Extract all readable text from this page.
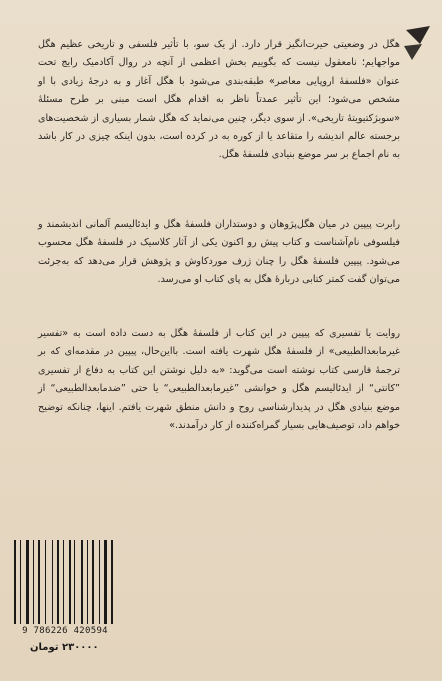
هگل در وضعیتی حیرت‌انگیز قرار دارد. از یک سو، با تأثیر فلسفی و تاریخی عظیم هگل مواجهایم؛ نامعقول نیست که بگوییم بخش اعظمی از آنچه در روال آکادمیک رایج تحت عنوان «فلسفهٔ اروپایی معاصر» طبقه‌بندی می‌شود با هگل آغاز و به درجهٔ زیادی با او مشخص می‌شود؛ این تأثیر عمدتاً ناظر به اقدام هگل است مبنی بر طرح مسئلهٔ «سوبژکتیویتهٔ تاریخی». از سوی دیگر، چنین می‌نماید که هگل شمار بسیاری از شخصیت‌های برجسته عالم اندیشه را متقاعد یا از کوره به در کرده است، بدون اینکه چیزی در کار باشد به نام اجماع بر سر موضع بنیادی فلسفهٔ هگل.

رابرت پیپین در میان هگل‌پژوهان و دوستداران فلسفهٔ هگل و ایدئالیسم آلمانی اندیشمند و فیلسوفی نام‌آشناست و کتاب پیش رو اکنون یکی از آثار کلاسیک در فلسفهٔ هگل محسوب می‌شود. پیپین فلسفهٔ هگل را چنان ژرف موردکاوش و پژوهش قرار می‌دهد که به‌جرئت می‌توان گفت کمتر کتابی دربارهٔ هگل به پای کتاب او می‌رسد.

روایت یا تفسیری که پیپین در این کتاب از فلسفهٔ هگل به دست داده است به «تفسیر غیرمابعدالطبیعی» از فلسفهٔ هگل شهرت یافته است. بااین‌حال، پیپین در مقدمه‌ای که بر ترجمهٔ فارسی کتاب نوشته است می‌گوید: «به دلیل نوشتن این کتاب به دفاع از تفسیری ”کانتی“ از ایدئالیسم هگل و خوانشی ”غیرمابعدالطبیعی“ یا حتی ”ضدمابعدالطبیعی“ از موضع بنیادی هگل در پدیدارشناسی روح و دانش منطق شهرت یافتم. اینها، چنانکه توضیح خواهم داد، توصیف‌هایی بسیار گمراه‌کننده از کار درآمدند.»

9 786226 420594
۲۳۰۰۰۰ تومان
